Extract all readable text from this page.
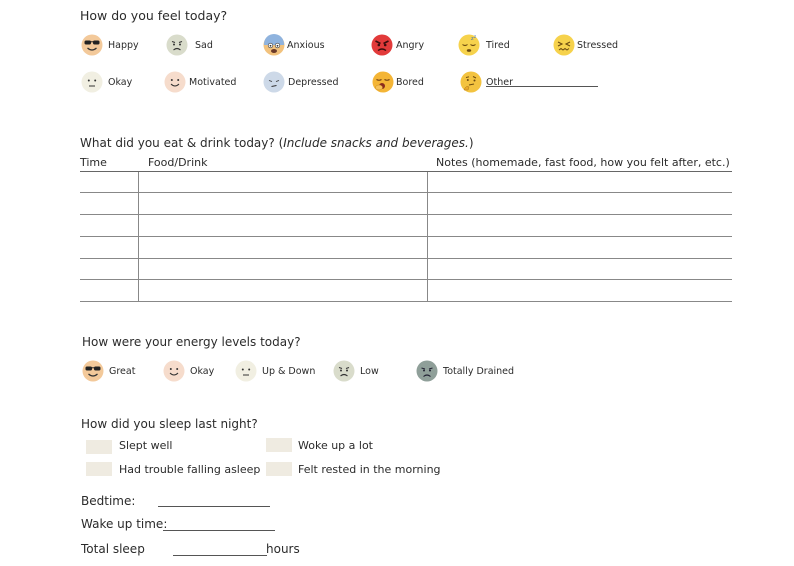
How do you feel today?
Happy	Sad	Anxious	Angry
z z
Tired	Stressed
Okay	Motivated	Depressed	Bored	Other
What did you eat & drink today? (Include snacks and beverages.)
Time	Food/Drink	Notes (homemade, fast food, how you felt after, etc.)

How were your energy levels today?
Great	Okay	Up & Down	Low	Totally Drained
How did you sleep last night?
Slept well	Woke up a lot
Had trouble falling asleep	Felt rested in the morning
Bedtime:
Wake up time:
Total sleep	hours
